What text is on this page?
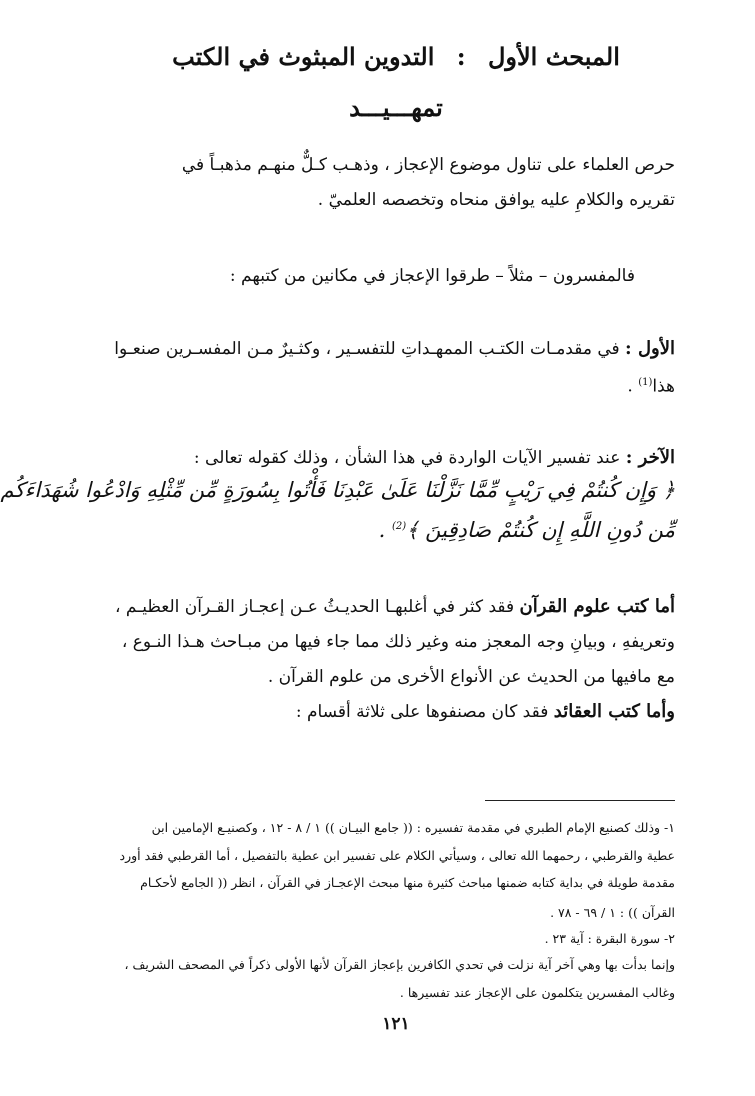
المبحث الأول : التدوين المبثوث في الكتب
تمهـــيـــد
حرص العلماء على تناول موضوع الإعجاز ، وذهـب كـلٌّ منهـم مذهبـاً في
تقريره والكلامِ عليه يوافق منحاه وتخصصه العلميّ .
فالمفسرون – مثلاً – طرقوا الإعجاز في مكانين من كتبهم :
الأول : في مقدمـات الكتـب الممهـداتِ للتفسـير ، وكثـيرٌ مـن المفسـرين صنعـوا
هذا$^{(1)}$ .
الآخر : عند تفسير الآيات الواردة في هذا الشأن ، وذلك كقوله تعالى :
﴿ وَإِن كُنتُمْ فِي رَيْبٍ مِّمَّا نَزَّلْنَا عَلَىٰ عَبْدِنَا فَأْتُوا بِسُورَةٍ مِّن مِّثْلِهِ وَادْعُوا شُهَدَاءَكُم
مِّن دُونِ اللَّهِ إِن كُنتُمْ صَادِقِينَ ﴾$^{(2)}$ .
أما كتب علوم القرآن فقد كثر في أغلبهـا الحديـثُ عـن إعجـاز القـرآن العظيـم ،
وتعريفهِ ، وبيانِ وجه المعجز منه وغير ذلك مما جاء فيها من مبـاحث هـذا النـوع ،
مع مافيها من الحديث عن الأنواع الأخرى من علوم القرآن .
وأما كتب العقائد فقد كان مصنفوها على ثلاثة أقسام :
١- وذلك كصنيع الإمام الطبري في مقدمة تفسيره : (( جامع البيـان )) ١ / ٨ - ١٢ ، وكصنيـع الإمامين ابن
عطية والقرطبي ، رحمهما الله تعالى ، وسيأتي الكلام على تفسير ابن عطية بالتفصيل ، أما القرطبي فقد أورد
مقدمة طويلة في بداية كتابه ضمنها مباحث كثيرة منها مبحث الإعجـاز في القرآن ، انظر (( الجامع لأحكـام
القرآن )) : ١ / ٦٩ - ٧٨ .
٢- سورة البقرة : آية ٢٣ .
وإنما بدأت بها وهي آخر آية نزلت في تحدي الكافرين بإعجاز القرآن لأنها الأولى ذكراً في المصحف الشريف ،
وغالب المفسرين يتكلمون على الإعجاز عند تفسيرها .
١٢١
